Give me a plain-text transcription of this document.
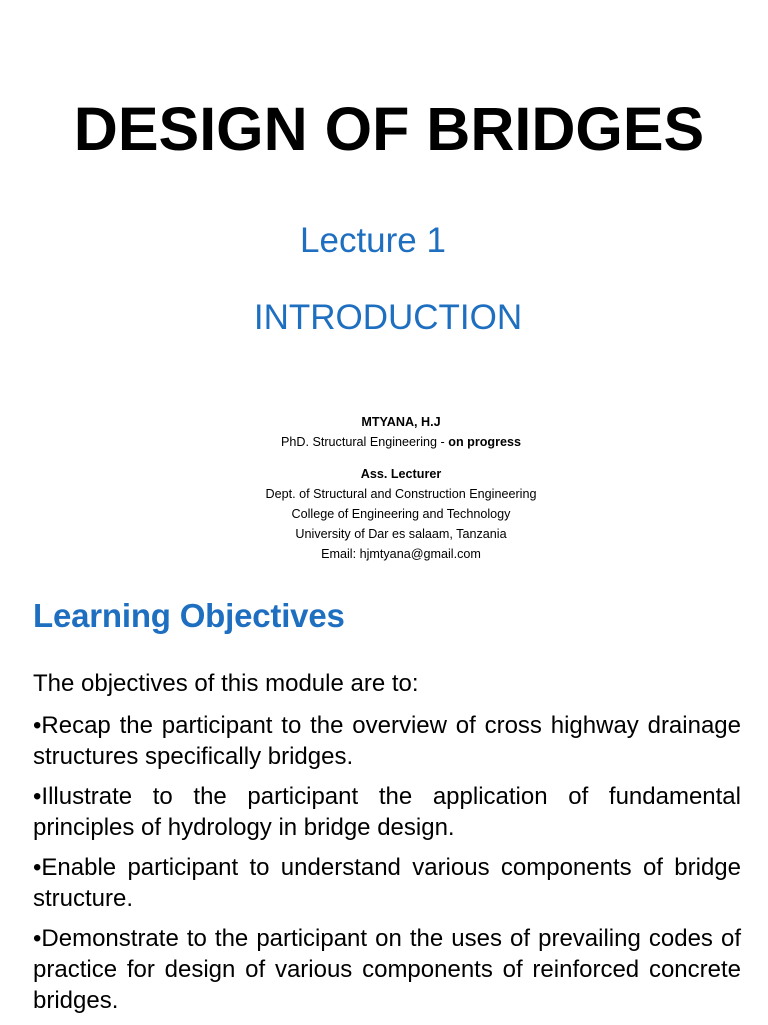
DESIGN OF BRIDGES
Lecture 1
INTRODUCTION
MTYANA, H.J
PhD. Structural Engineering - on progress
Ass. Lecturer
Dept. of Structural and Construction Engineering
College of Engineering and Technology
University of Dar es salaam, Tanzania
Email: hjmtyana@gmail.com
Learning Objectives
The objectives of this module are to:
•Recap the participant to the overview of cross highway drainage structures specifically bridges.
•Illustrate to the participant the application of fundamental principles of hydrology in bridge design.
•Enable participant to understand various components of bridge structure.
•Demonstrate to the participant on the uses of prevailing codes of practice for design of various components of reinforced concrete bridges.
